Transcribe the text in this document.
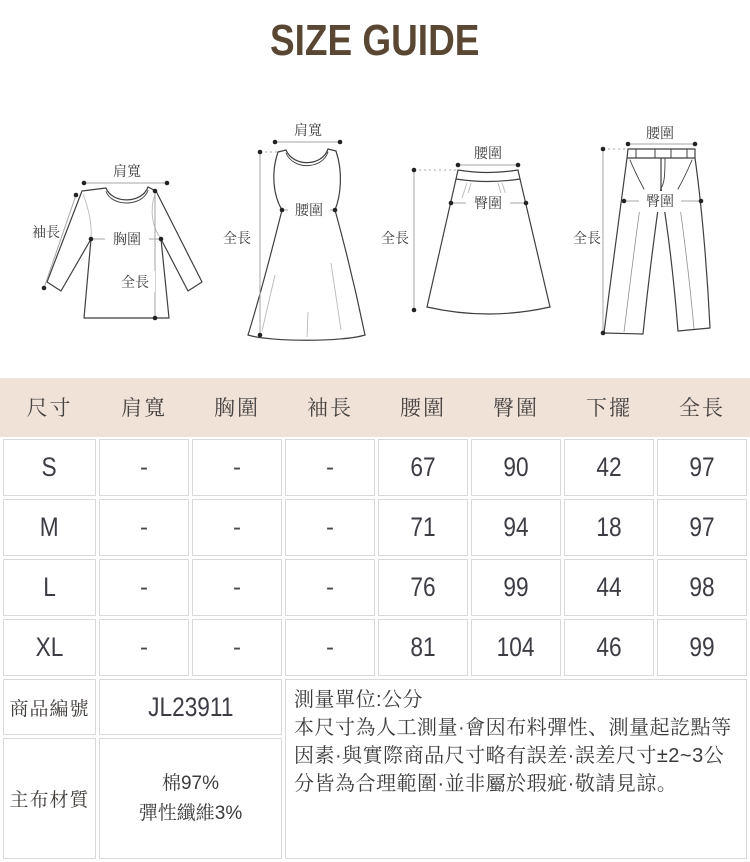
SIZE GUIDE
肩寬
袖長	胸圍
全長
肩寬
腰圍
全長
腰圍
臀圍
全長
腰圍
臀圍
全長
尺寸	肩寬	胸圍	袖長	腰圍	臀圍	下擺	全長
S	-	-	-	67	90	42	97
M	-	-	-	71	94	18	97
L	-	-	-	76	99	44	98
XL	-	-	-	81	104	46	99
商品編號	JL23911		測量單位:公分
本尺寸為人工測量·會因布料彈性、測量起訖點等因素·與實際商品尺寸略有誤差·誤差尺寸±2~3公分皆為合理範圍·並非屬於瑕疵·敬請見諒。				

主布材質	棉97%
彈性纖維3%						
